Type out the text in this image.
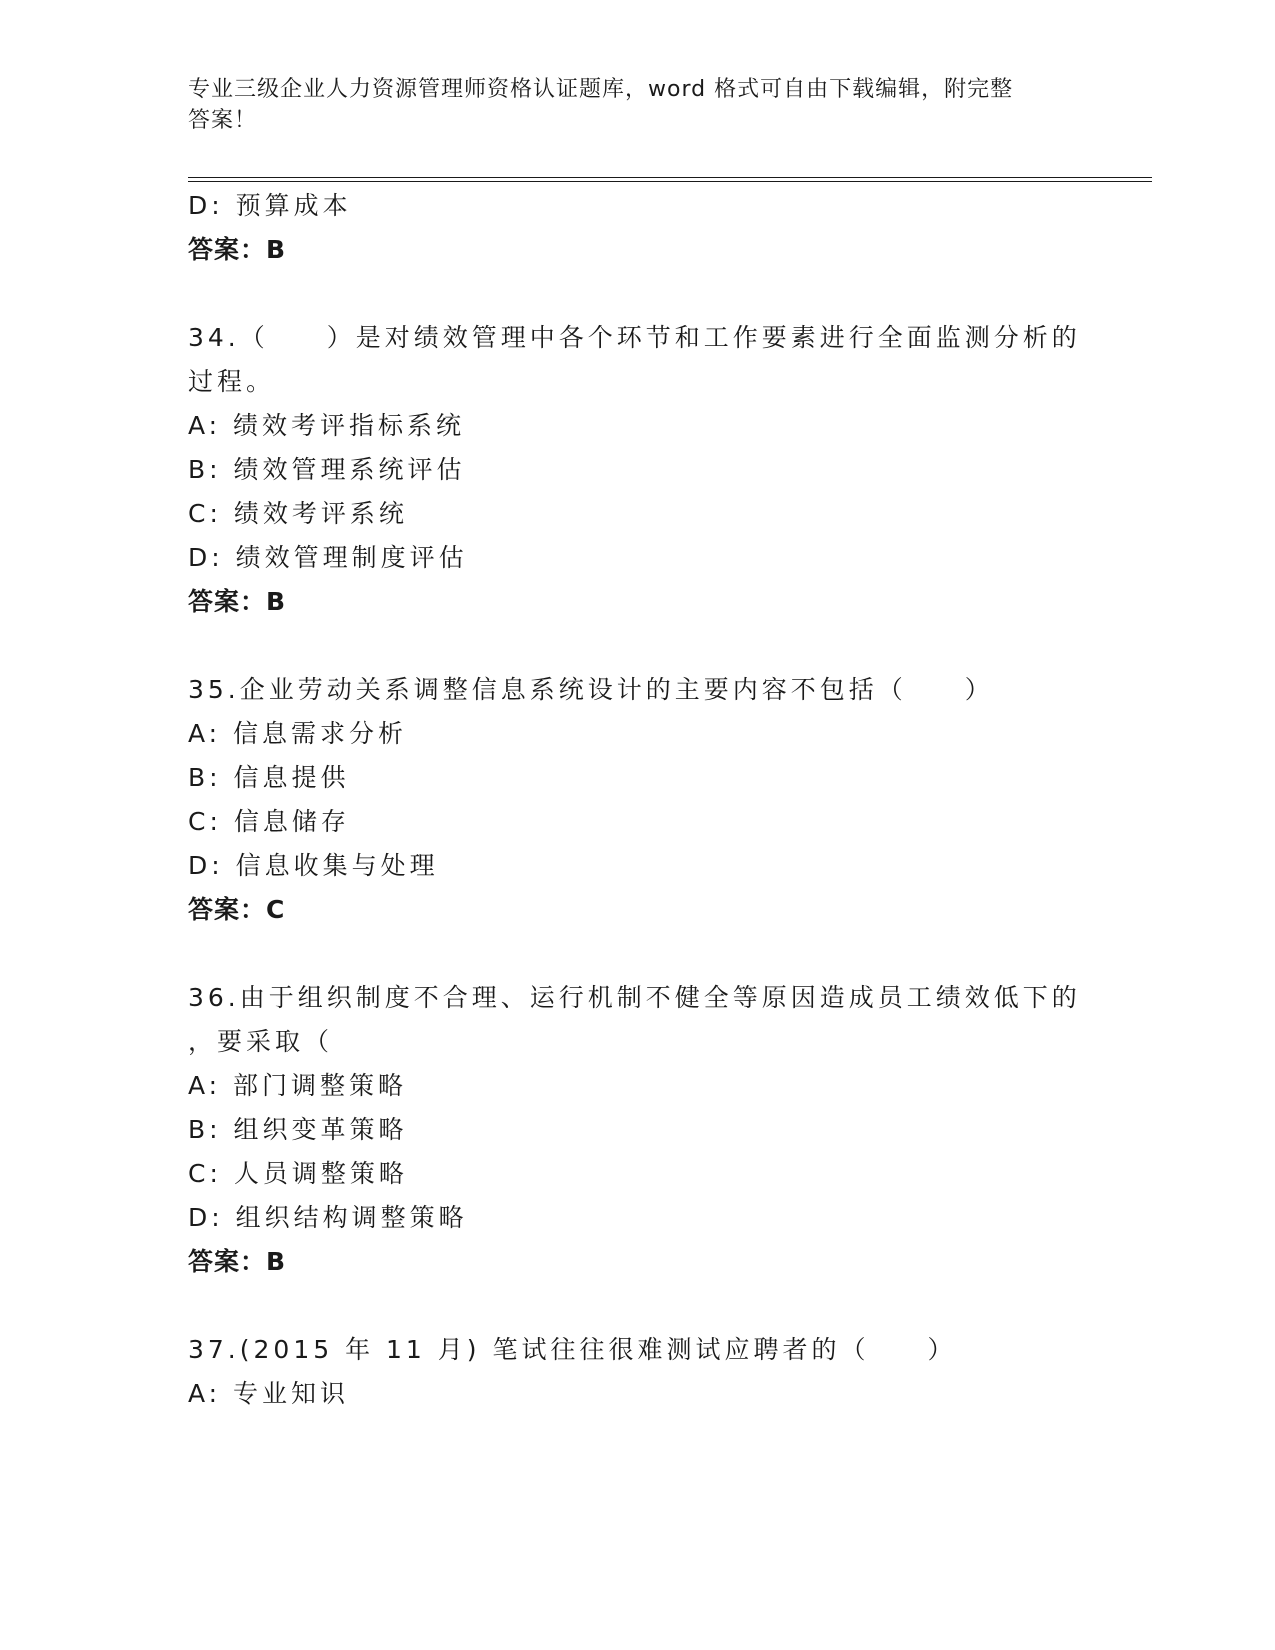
专业三级企业人力资源管理师资格认证题库，word 格式可自由下载编辑，附完整
答案！
D: 预算成本
答案：B
34.（　　）是对绩效管理中各个环节和工作要素进行全面监测分析的
过程。
A: 绩效考评指标系统
B: 绩效管理系统评估
C: 绩效考评系统
D: 绩效管理制度评估
答案：B
35.企业劳动关系调整信息系统设计的主要内容不包括（　　）
A: 信息需求分析
B: 信息提供
C: 信息储存
D: 信息收集与处理
答案：C
36.由于组织制度不合理、运行机制不健全等原因造成员工绩效低下的
，要采取（
A: 部门调整策略
B: 组织变革策略
C: 人员调整策略
D: 组织结构调整策略
答案：B
37.(2015 年 11 月) 笔试往往很难测试应聘者的（　　）
A: 专业知识
